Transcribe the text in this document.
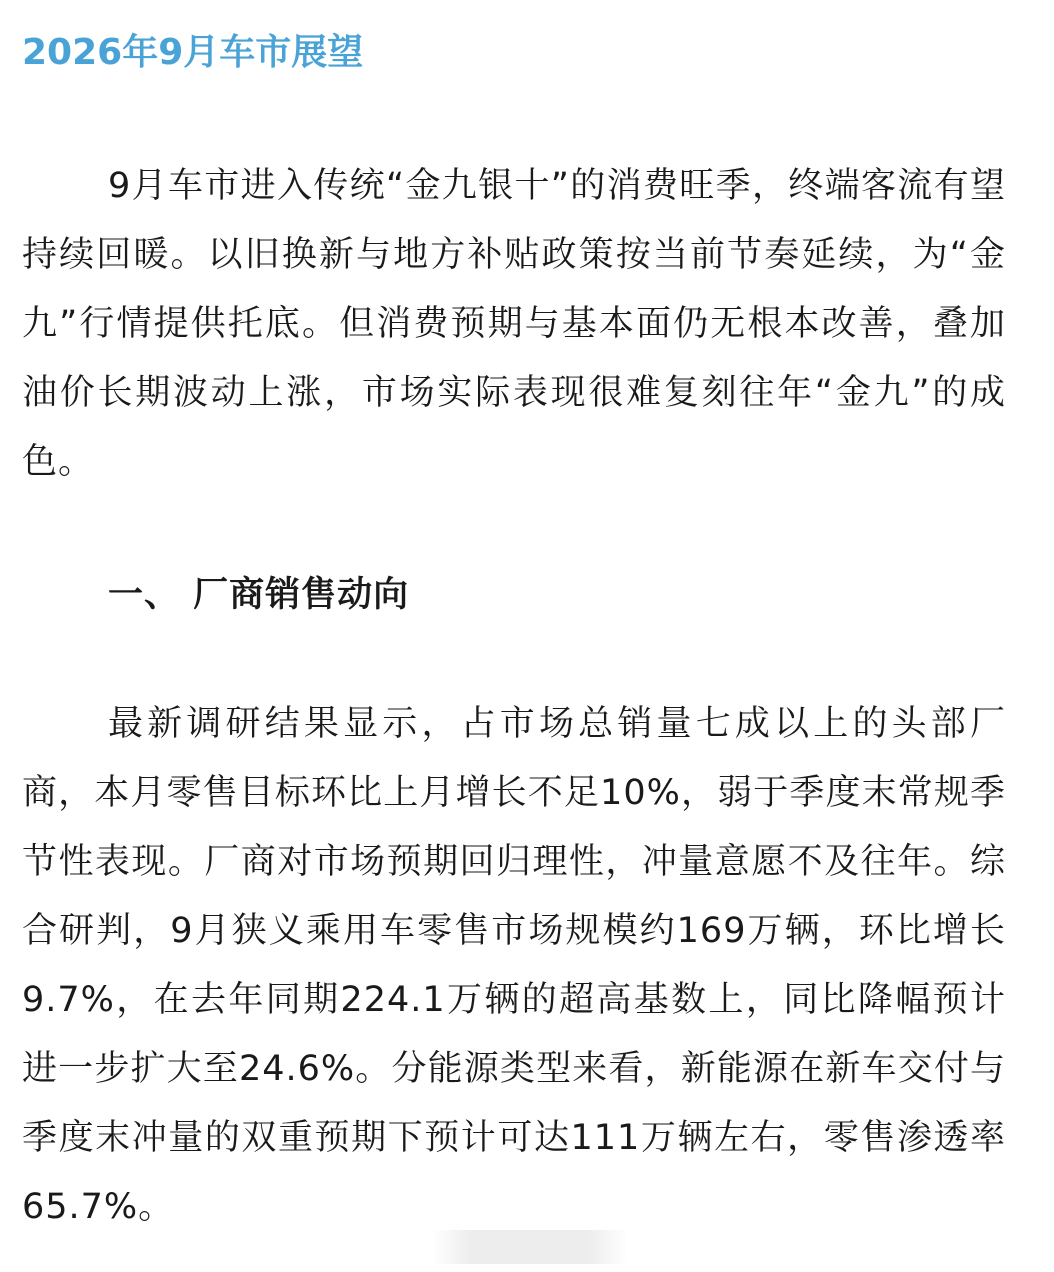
2026年9月车市展望

9月车市进入传统“金九银十”的消费旺季，终端客流有望持续回暖。以旧换新与地方补贴政策按当前节奏延续，为“金九”行情提供托底。但消费预期与基本面仍无根本改善，叠加油价长期波动上涨，市场实际表现很难复刻往年“金九”的成色。

一、 厂商销售动向

最新调研结果显示，占市场总销量七成以上的头部厂商，本月零售目标环比上月增长不足10%，弱于季度末常规季节性表现。厂商对市场预期回归理性，冲量意愿不及往年。综合研判，9月狭义乘用车零售市场规模约169万辆，环比增长9.7%，在去年同期224.1万辆的超高基数上，同比降幅预计进一步扩大至24.6%。分能源类型来看，新能源在新车交付与季度末冲量的双重预期下预计可达111万辆左右，零售渗透率65.7%。
